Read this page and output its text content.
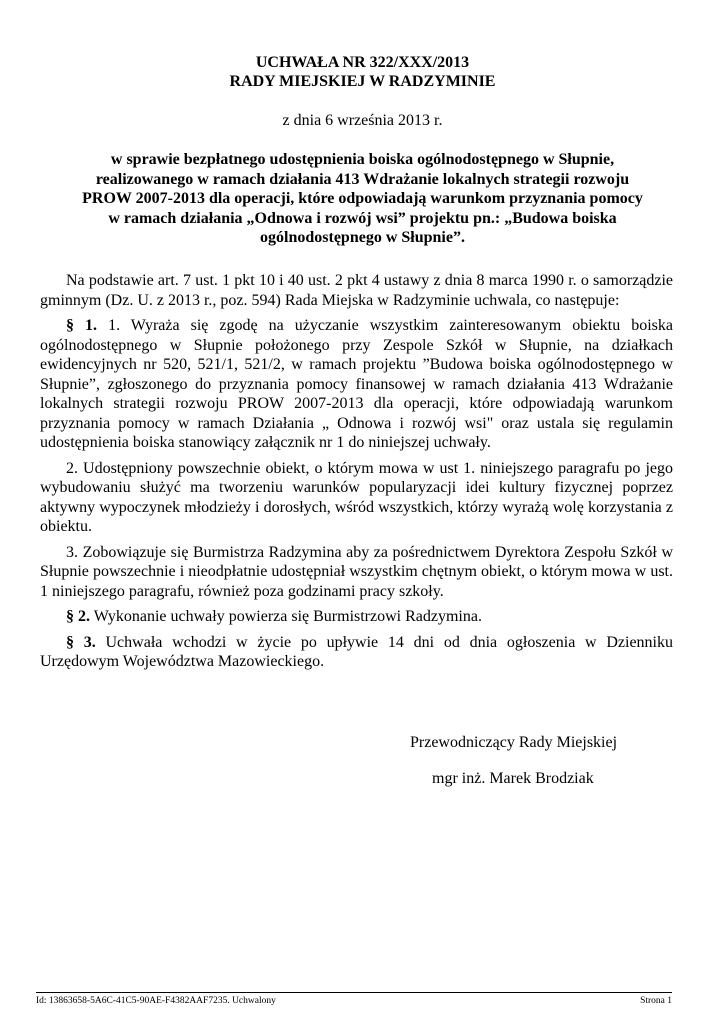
UCHWAŁA NR 322/XXX/2013
RADY MIEJSKIEJ W RADZYMINIE
z dnia 6 września 2013 r.
w sprawie bezpłatnego udostępnienia boiska ogólnodostępnego w Słupnie,
realizowanego w ramach działania 413 Wdrażanie lokalnych strategii rozwoju
PROW 2007-2013 dla operacji, które odpowiadają warunkom przyznania pomocy
w ramach działania „Odnowa i rozwój wsi” projektu pn.: „Budowa boiska
ogólnodostępnego w Słupnie”.

Na podstawie art. 7 ust. 1 pkt 10 i 40 ust. 2 pkt 4 ustawy z dnia 8 marca 1990 r. o samorządzie gminnym (Dz. U. z 2013 r., poz. 594) Rada Miejska w Radzyminie uchwala, co następuje:

§ 1. 1. Wyraża się zgodę na użyczanie wszystkim zainteresowanym obiektu boiska ogólnodostępnego w Słupnie położonego przy Zespole Szkół w Słupnie, na działkach ewidencyjnych nr 520, 521/1, 521/2, w ramach projektu ”Budowa boiska ogólnodostępnego w Słupnie”, zgłoszonego do przyznania pomocy finansowej w ramach działania 413 Wdrażanie lokalnych strategii rozwoju PROW 2007-2013 dla operacji, które odpowiadają warunkom przyznania pomocy w ramach Działania „ Odnowa i rozwój wsi" oraz ustala się regulamin udostępnienia boiska stanowiący załącznik nr 1 do niniejszej uchwały.

2. Udostępniony powszechnie obiekt, o którym mowa w ust 1. niniejszego paragrafu po jego wybudowaniu służyć ma tworzeniu warunków popularyzacji idei kultury fizycznej poprzez aktywny wypoczynek młodzieży i dorosłych, wśród wszystkich, którzy wyrażą wolę korzystania z obiektu.

3. Zobowiązuje się Burmistrza Radzymina aby za pośrednictwem Dyrektora Zespołu Szkół w Słupnie powszechnie i nieodpłatnie udostępniał wszystkim chętnym obiekt, o którym mowa w ust. 1 niniejszego paragrafu, również poza godzinami pracy szkoły.

§ 2. Wykonanie uchwały powierza się Burmistrzowi Radzymina.

§ 3. Uchwała wchodzi w życie po upływie 14 dni od dnia ogłoszenia w Dzienniku Urzędowym Województwa Mazowieckiego.

Przewodniczący Rady Miejskiej
mgr inż. Marek Brodziak
Id: 13863658-5A6C-41C5-90AE-F4382AAF7235. Uchwalony	Strona 1
